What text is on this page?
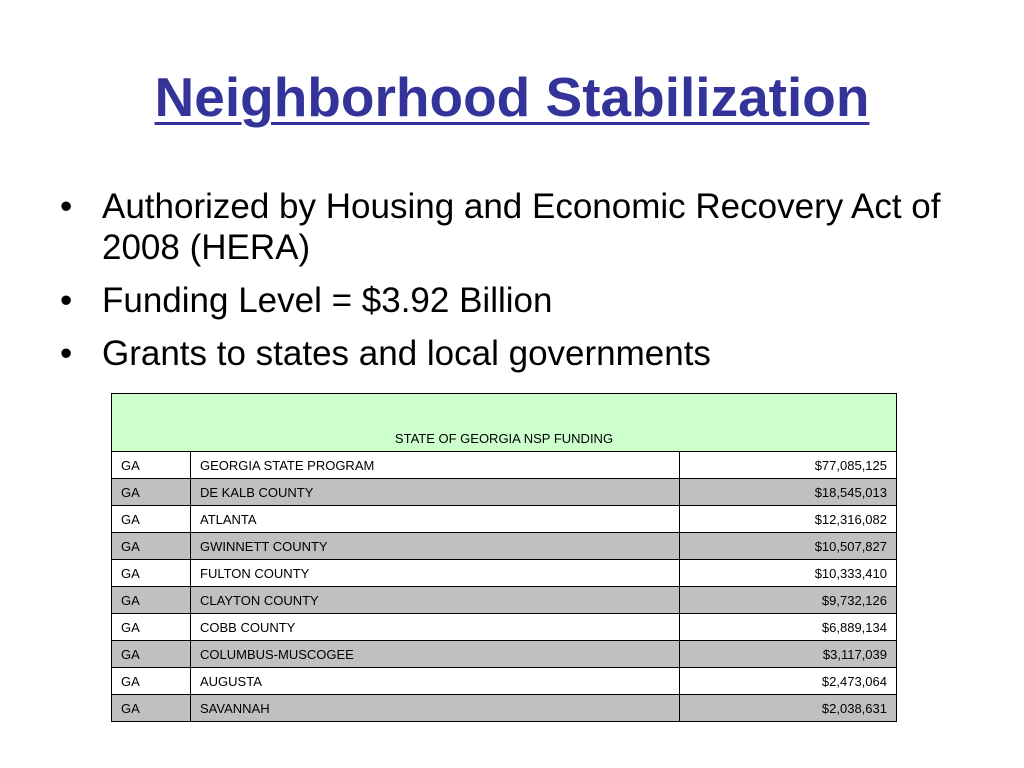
Neighborhood Stabilization
• Authorized by Housing and Economic Recovery Act of 2008 (HERA)
• Funding Level = $3.92 Billion
• Grants to states and local governments
STATE OF GEORGIA NSP FUNDING		
GA	GEORGIA STATE PROGRAM	$77,085,125
GA	DE KALB COUNTY	$18,545,013
GA	ATLANTA	$12,316,082
GA	GWINNETT COUNTY	$10,507,827
GA	FULTON COUNTY	$10,333,410
GA	CLAYTON COUNTY	$9,732,126
GA	COBB COUNTY	$6,889,134
GA	COLUMBUS-MUSCOGEE	$3,117,039
GA	AUGUSTA	$2,473,064
GA	SAVANNAH	$2,038,631
